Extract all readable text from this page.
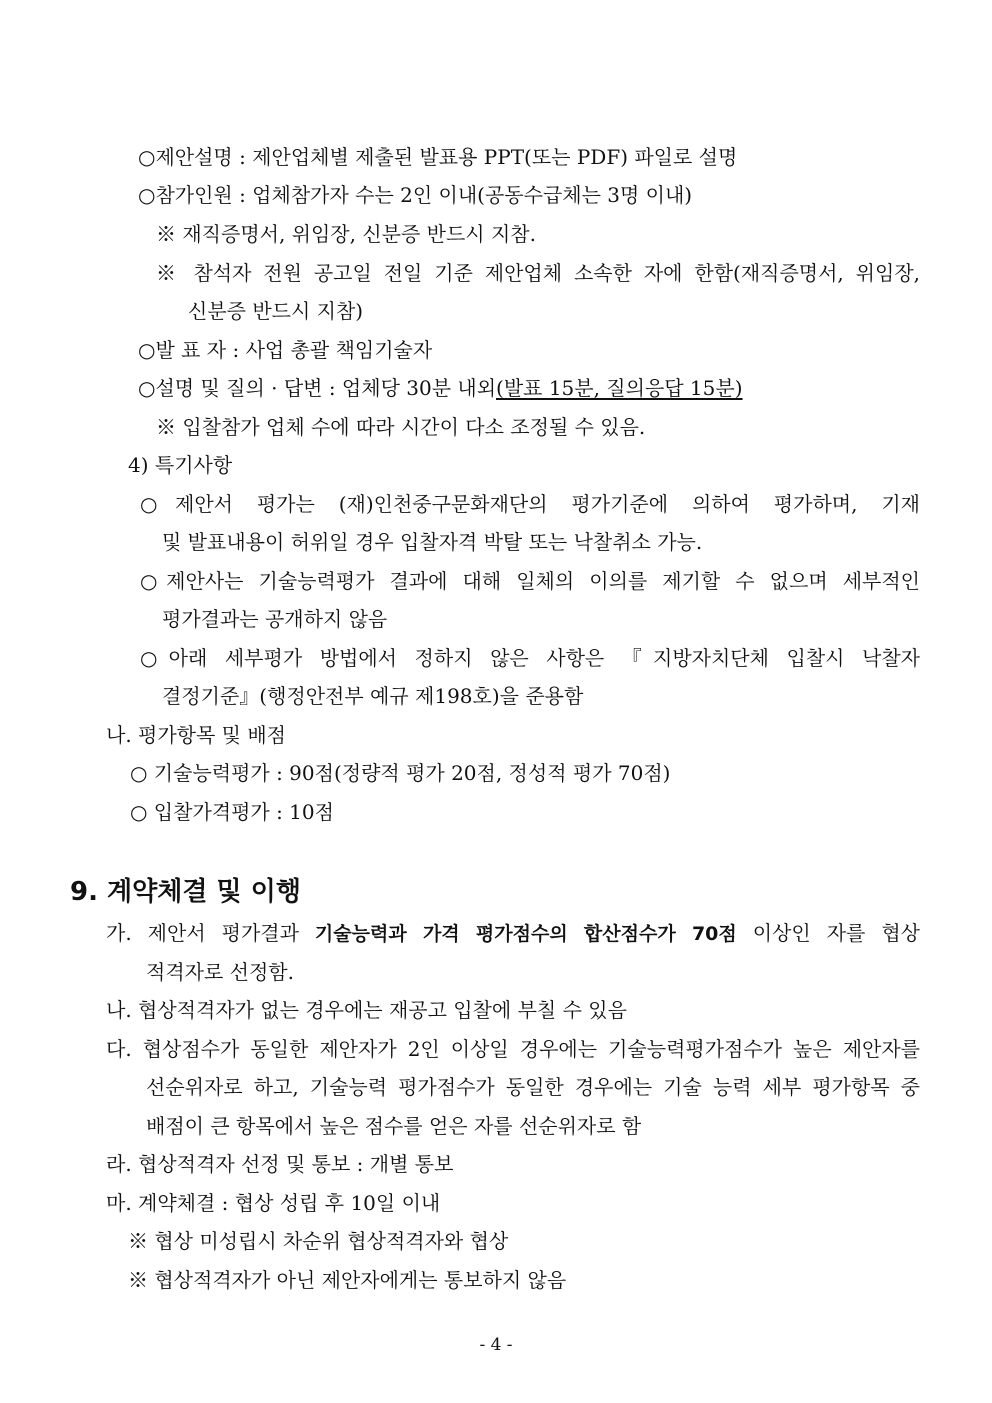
○제안설명 : 제안업체별 제출된 발표용 PPT(또는 PDF) 파일로 설명
○참가인원 : 업체참가자 수는 2인 이내(공동수급체는 3명 이내)
※ 재직증명서, 위임장, 신분증 반드시 지참.
※ 참석자 전원 공고일 전일 기준 제안업체 소속한 자에 한함(재직증명서, 위임장,
신분증 반드시 지참)
○발 표 자 : 사업 총괄 책임기술자
○설명 및 질의 · 답변 : 업체당 30분 내외(발표 15분, 질의응답 15분)
※ 입찰참가 업체 수에 따라 시간이 다소 조정될 수 있음.
4) 특기사항
○제안서 평가는 (재)인천중구문화재단의 평가기준에 의하여 평가하며, 기재
및 발표내용이 허위일 경우 입찰자격 박탈 또는 낙찰취소 가능.
○제안사는 기술능력평가 결과에 대해 일체의 이의를 제기할 수 없으며 세부적인
평가결과는 공개하지 않음
○아래 세부평가 방법에서 정하지 않은 사항은 『지방자치단체 입찰시 낙찰자
결정기준』(행정안전부 예규 제198호)을 준용함
나. 평가항목 및 배점
○ 기술능력평가 : 90점(정량적 평가 20점, 정성적 평가 70점)
○ 입찰가격평가 : 10점
9. 계약체결 및 이행
가. 제안서 평가결과 기술능력과 가격 평가점수의 합산점수가 70점 이상인 자를 협상
적격자로 선정함.
나. 협상적격자가 없는 경우에는 재공고 입찰에 부칠 수 있음
다. 협상점수가 동일한 제안자가 2인 이상일 경우에는 기술능력평가점수가 높은 제안자를
선순위자로 하고, 기술능력 평가점수가 동일한 경우에는 기술 능력 세부 평가항목 중
배점이 큰 항목에서 높은 점수를 얻은 자를 선순위자로 함
라. 협상적격자 선정 및 통보 : 개별 통보
마. 계약체결 : 협상 성립 후 10일 이내
※ 협상 미성립시 차순위 협상적격자와 협상
※ 협상적격자가 아닌 제안자에게는 통보하지 않음
- 4 -
